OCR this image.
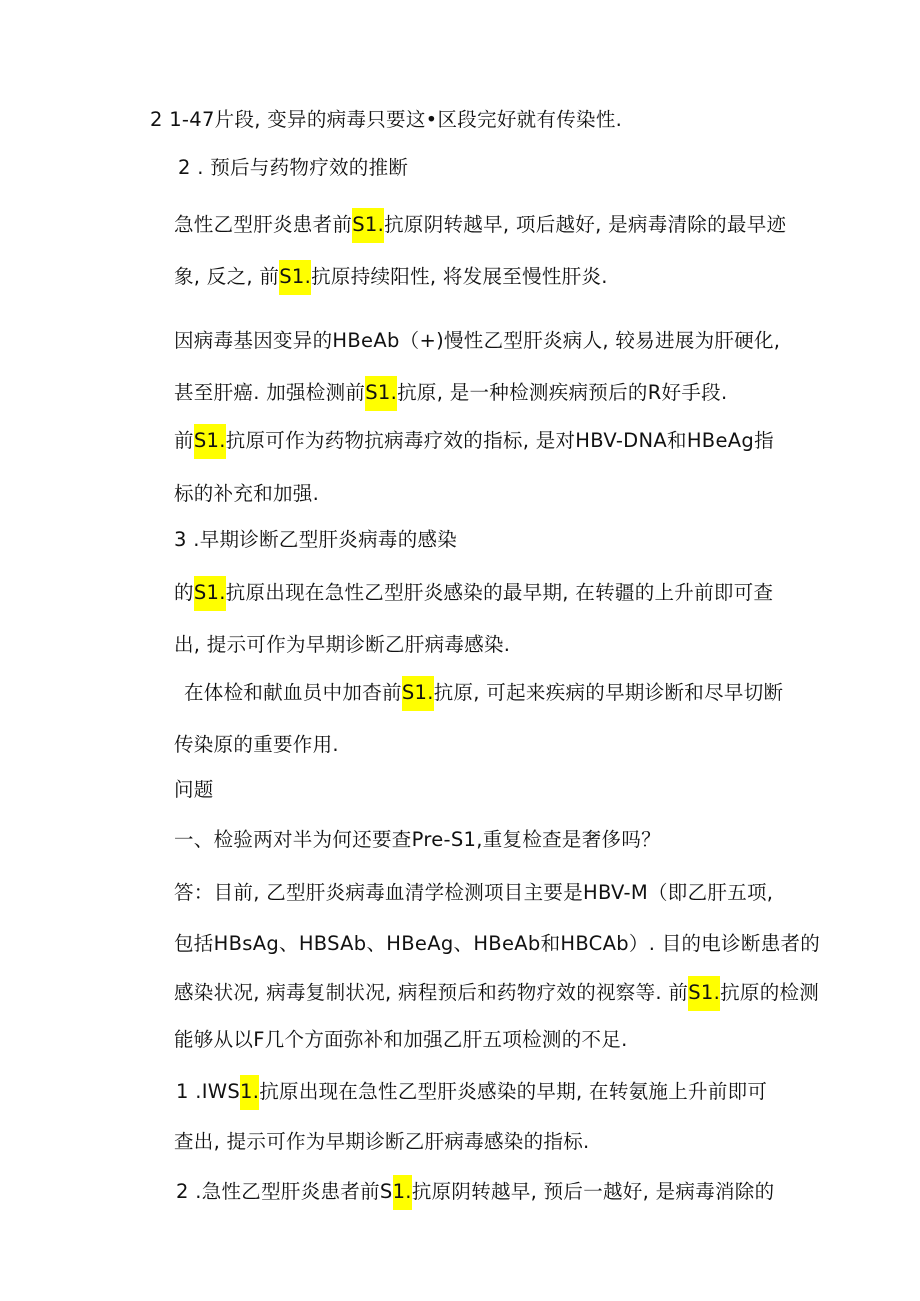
2 1-47片段, 变异的病毒只要这•区段完好就有传染性.
2 . 预后与药物疗效的推断
急性乙型肝炎患者前S1.抗原阴转越早, 项后越好, 是病毒清除的最早迹
象, 反之, 前S1.抗原持续阳性, 将发展至慢性肝炎.
因病毒基因变异的HBeAb（+)慢性乙型肝炎病人, 较易进展为肝硬化,
甚至肝癌. 加强检测前S1.抗原, 是一种检测疾病预后的R好手段.
前S1.抗原可作为药物抗病毒疗效的指标, 是对HBV-DNA和HBeAg指
标的补充和加强.
3 .早期诊断乙型肝炎病毒的感染
的S1.抗原出现在急性乙型肝炎感染的最早期, 在转疆的上升前即可查
出, 提示可作为早期诊断乙肝病毒感染.
在体检和献血员中加杳前S1.抗原, 可起来疾病的早期诊断和尽早切断
传染原的重要作用.
问题
一、检验两对半为何还要查Pre-S1,重复检查是奢侈吗？
答：目前, 乙型肝炎病毒血清学检测项目主要是HBV-M（即乙肝五项,
包括HBsAg、HBSAb、HBeAg、HBeAb和HBCAb）. 目的电诊断患者的
感染状况, 病毒复制状况, 病程预后和药物疗效的视察等. 前S1.抗原的检测
能够从以F几个方面弥补和加强乙肝五项检测的不足.
1 .IWS1.抗原出现在急性乙型肝炎感染的早期, 在转氨施上升前即可
查出, 提示可作为早期诊断乙肝病毒感染的指标.
2 .急性乙型肝炎患者前S1.抗原阴转越早, 预后一越好, 是病毒消除的
